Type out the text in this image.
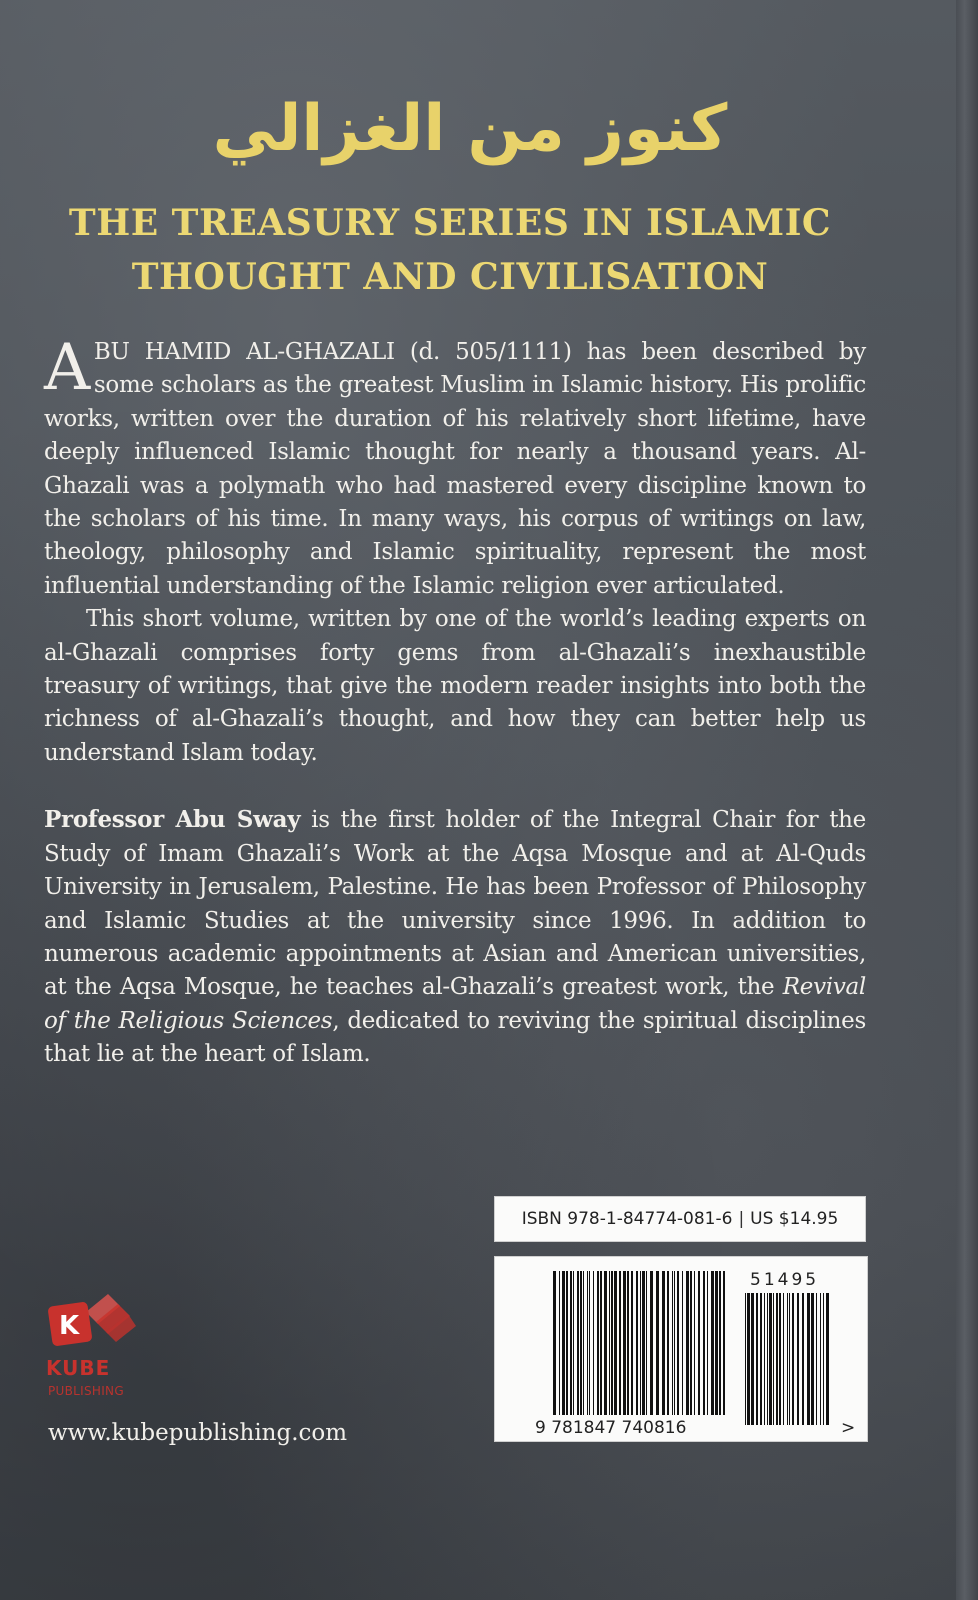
كنوز من الغزالي
THE TREASURY SERIES IN ISLAMIC
THOUGHT AND CIVILISATION

ABU HAMID AL-GHAZALI (d. 505/1111) has been described by some scholars as the greatest Muslim in Islamic history. His prolific works, written over the duration of his relatively short lifetime, have deeply influenced Islamic thought for nearly a thousand years. Al-Ghazali was a polymath who had mastered every discipline known to the scholars of his time. In many ways, his corpus of writings on law, theology, philosophy and Islamic spirituality, represent the most influential understanding of the Islamic religion ever articulated.

This short volume, written by one of the world’s leading experts on al-Ghazali comprises forty gems from al-Ghazali’s inexhaustible treasury of writings, that give the modern reader insights into both the richness of al-Ghazali’s thought, and how they can better help us understand Islam today.

Professor Abu Sway is the first holder of the Integral Chair for the Study of Imam Ghazali’s Work at the Aqsa Mosque and at Al-Quds University in Jerusalem, Palestine. He has been Professor of Philosophy and Islamic Studies at the university since 1996. In addition to numerous academic appointments at Asian and American universities, at the Aqsa Mosque, he teaches al-Ghazali’s greatest work, the Revival of the Religious Sciences, dedicated to reviving the spiritual disciplines that lie at the heart of Islam.

ISBN 978-1-84774-081-6 | US $14.95
9 781847 740816
51495
>
K
KUBE
PUBLISHING
www.kubepublishing.com
